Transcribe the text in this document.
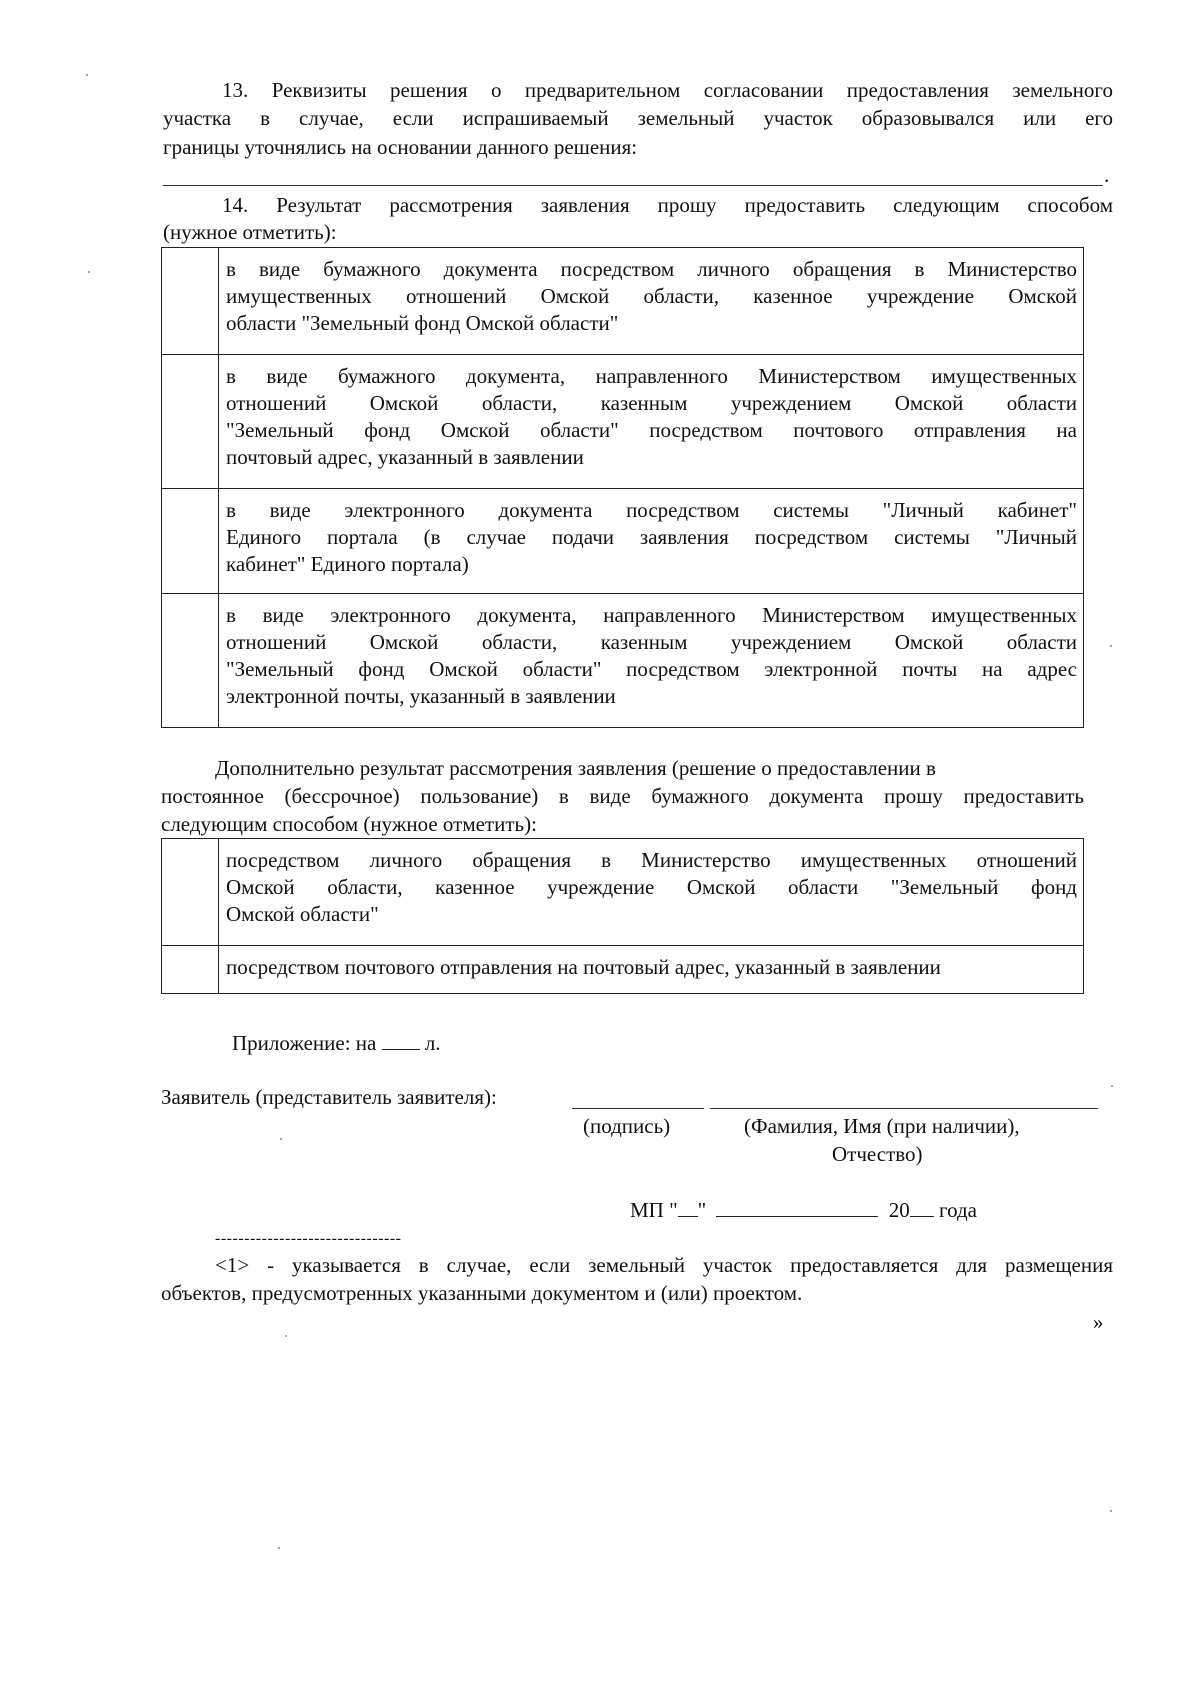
13. Реквизиты решения о предварительном согласовании предоставления земельного
участка в случае, если испрашиваемый земельный участок образовывался или его
границы уточнялись на основании данного решения:
.
14. Результат рассмотрения заявления прошу предоставить следующим способом
(нужное отметить):

	в виде бумажного документа посредством личного обращения в Министерство
имущественных отношений Омской области, казенное учреждение Омской
области "Земельный фонд Омской области"

	в виде бумажного документа, направленного Министерством имущественных
отношений Омской области, казенным учреждением Омской области
"Земельный фонд Омской области" посредством почтового отправления на
почтовый адрес, указанный в заявлении

	в виде электронного документа посредством системы "Личный кабинет"
Единого портала (в случае подачи заявления посредством системы "Личный
кабинет" Единого портала)

	в виде электронного документа, направленного Министерством имущественных
отношений Омской области, казенным учреждением Омской области
"Земельный фонд Омской области" посредством электронной почты на адрес
электронной почты, указанный в заявлении
Дополнительно результат рассмотрения заявления (решение о предоставлении в
постоянное (бессрочное) пользование) в виде бумажного документа прошу предоставить
следующим способом (нужное отметить):

	посредством личного обращения в Министерство имущественных отношений
Омской области, казенное учреждение Омской области "Земельный фонд
Омской области"

	посредством почтового отправления на почтовый адрес, указанный в заявлении
Приложение: на л.
Заявитель (представитель заявителя):
(подпись)	(Фамилия, Имя (при наличии),
Отчество)
МП " "	20 года
--------------------------------
<1> - указывается в случае, если земельный участок предоставляется для размещения
объектов, предусмотренных указанными документом и (или) проектом.
»
